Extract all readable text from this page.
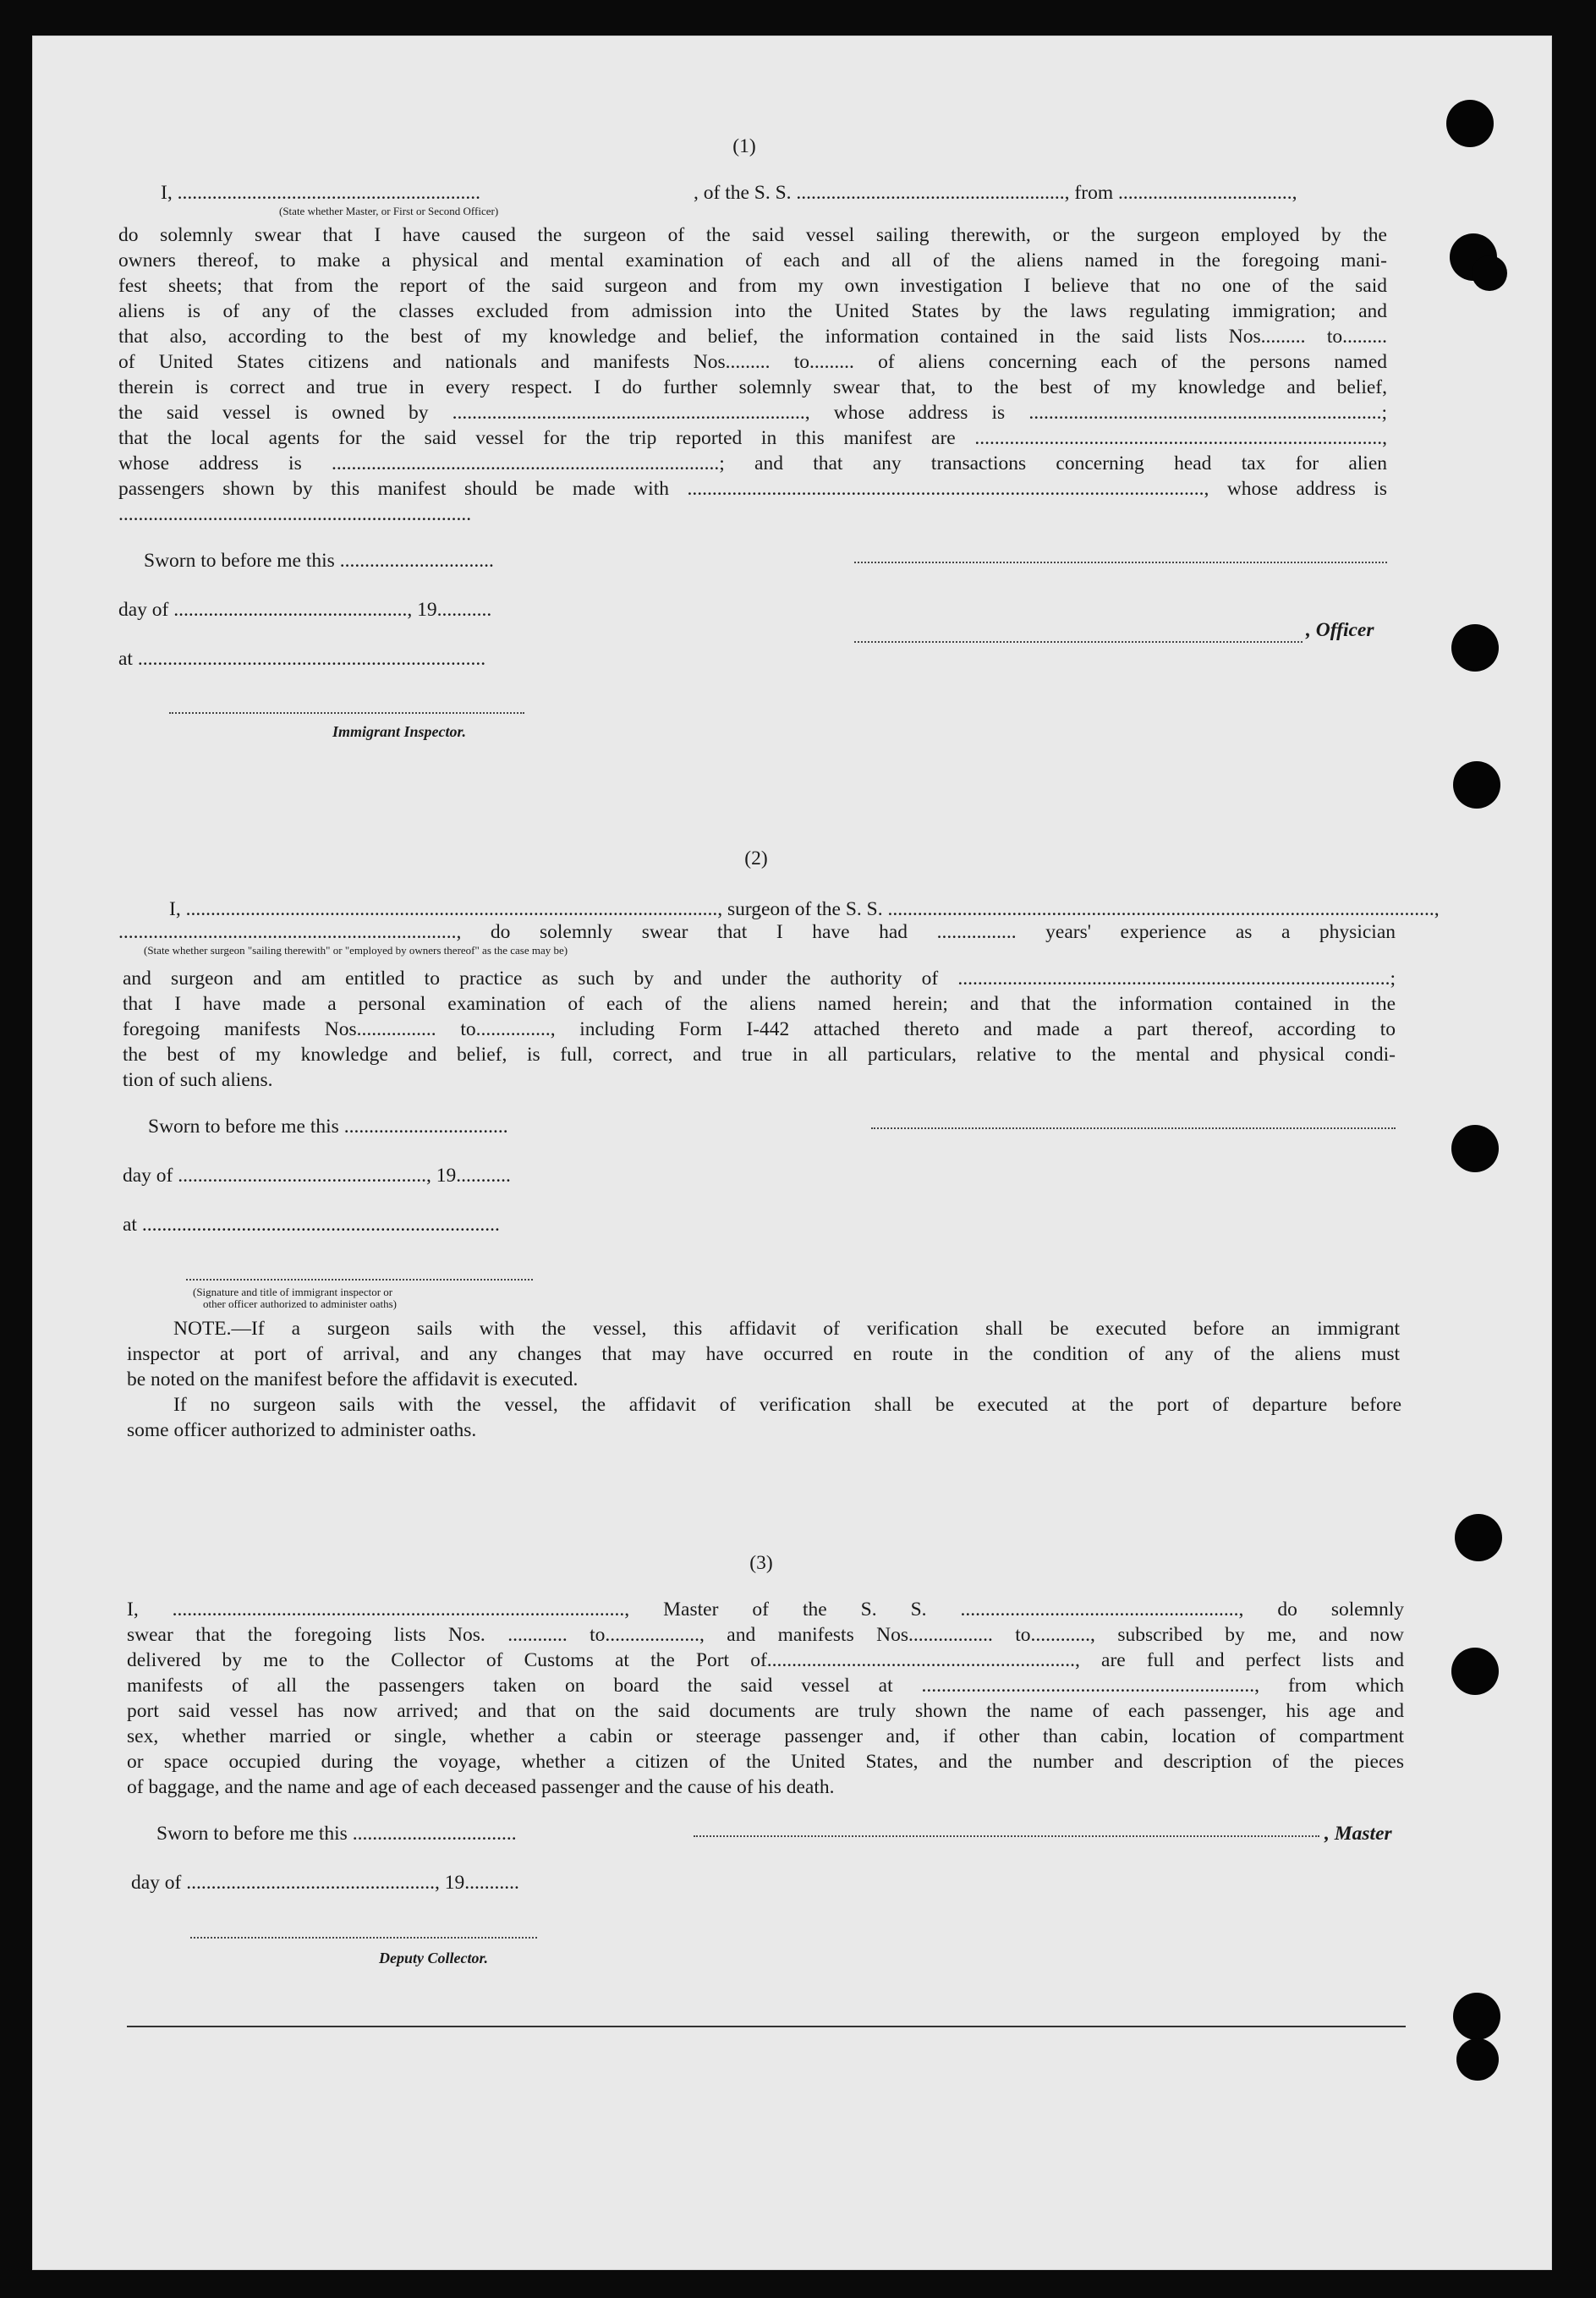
(1)
I, .............................................................	, of the S. S. ......................................................, from ...................................,
(State whether Master, or First or Second Officer)
do solemnly swear that I have caused the surgeon of the said vessel sailing therewith, or the surgeon employed by the
owners thereof, to make a physical and mental examination of each and all of the aliens named in the foregoing mani-
fest sheets; that from the report of the said surgeon and from my own investigation I believe that no one of the said
aliens is of any of the classes excluded from admission into the United States by the laws regulating immigration; and
that also, according to the best of my knowledge and belief, the information contained in the said lists Nos......... to.........
of United States citizens and nationals and manifests Nos......... to......... of aliens concerning each of the persons named
therein is correct and true in every respect. I do further solemnly swear that, to the best of my knowledge and belief,
the said vessel is owned by ......................................................................., whose address is .......................................................................;
that the local agents for the said vessel for the trip reported in this manifest are ..................................................................................,
whose address is ..............................................................................; and that any transactions concerning head tax for alien
passengers shown by this manifest should be made with ........................................................................................................, whose address is
.......................................................................
Sworn to before me this ...............................
day of ..............................................., 19...........
at ......................................................................
, Officer
Immigrant Inspector.
(2)
I, ..........................................................................................................., surgeon of the S. S. ..............................................................................................................,
...................................................................., do solemnly swear that I have had ................ years' experience as a physician
(State whether surgeon "sailing therewith" or "employed by owners thereof" as the case may be)
and surgeon and am entitled to practice as such by and under the authority of .......................................................................................;
that I have made a personal examination of each of the aliens named herein; and that the information contained in the
foregoing manifests Nos................ to..............., including Form I-442 attached thereto and made a part thereof, according to
the best of my knowledge and belief, is full, correct, and true in all particulars, relative to the mental and physical condi-
tion of such aliens.
Sworn to before me this .................................
day of .................................................., 19...........
at ........................................................................
(Signature and title of immigrant inspector or
other officer authorized to administer oaths)
NOTE.—If a surgeon sails with the vessel, this affidavit of verification shall be executed before an immigrant
inspector at port of arrival, and any changes that may have occurred en route in the condition of any of the aliens must
be noted on the manifest before the affidavit is executed.
If no surgeon sails with the vessel, the affidavit of verification shall be executed at the port of departure before
some officer authorized to administer oaths.
(3)
I, ..........................................................................................., Master of the S. S. ........................................................, do solemnly
swear that the foregoing lists Nos. ............ to..................., and manifests Nos................. to............, subscribed by me, and now
delivered by me to the Collector of Customs at the Port of.............................................................., are full and perfect lists and
manifests of all the passengers taken on board the said vessel at ..................................................................., from which
port said vessel has now arrived; and that on the said documents are truly shown the name of each passenger, his age and
sex, whether married or single, whether a cabin or steerage passenger and, if other than cabin, location of compartment
or space occupied during the voyage, whether a citizen of the United States, and the number and description of the pieces
of baggage, and the name and age of each deceased passenger and the cause of his death.
Sworn to before me this .................................	, Master
day of .................................................., 19...........
Deputy Collector.
